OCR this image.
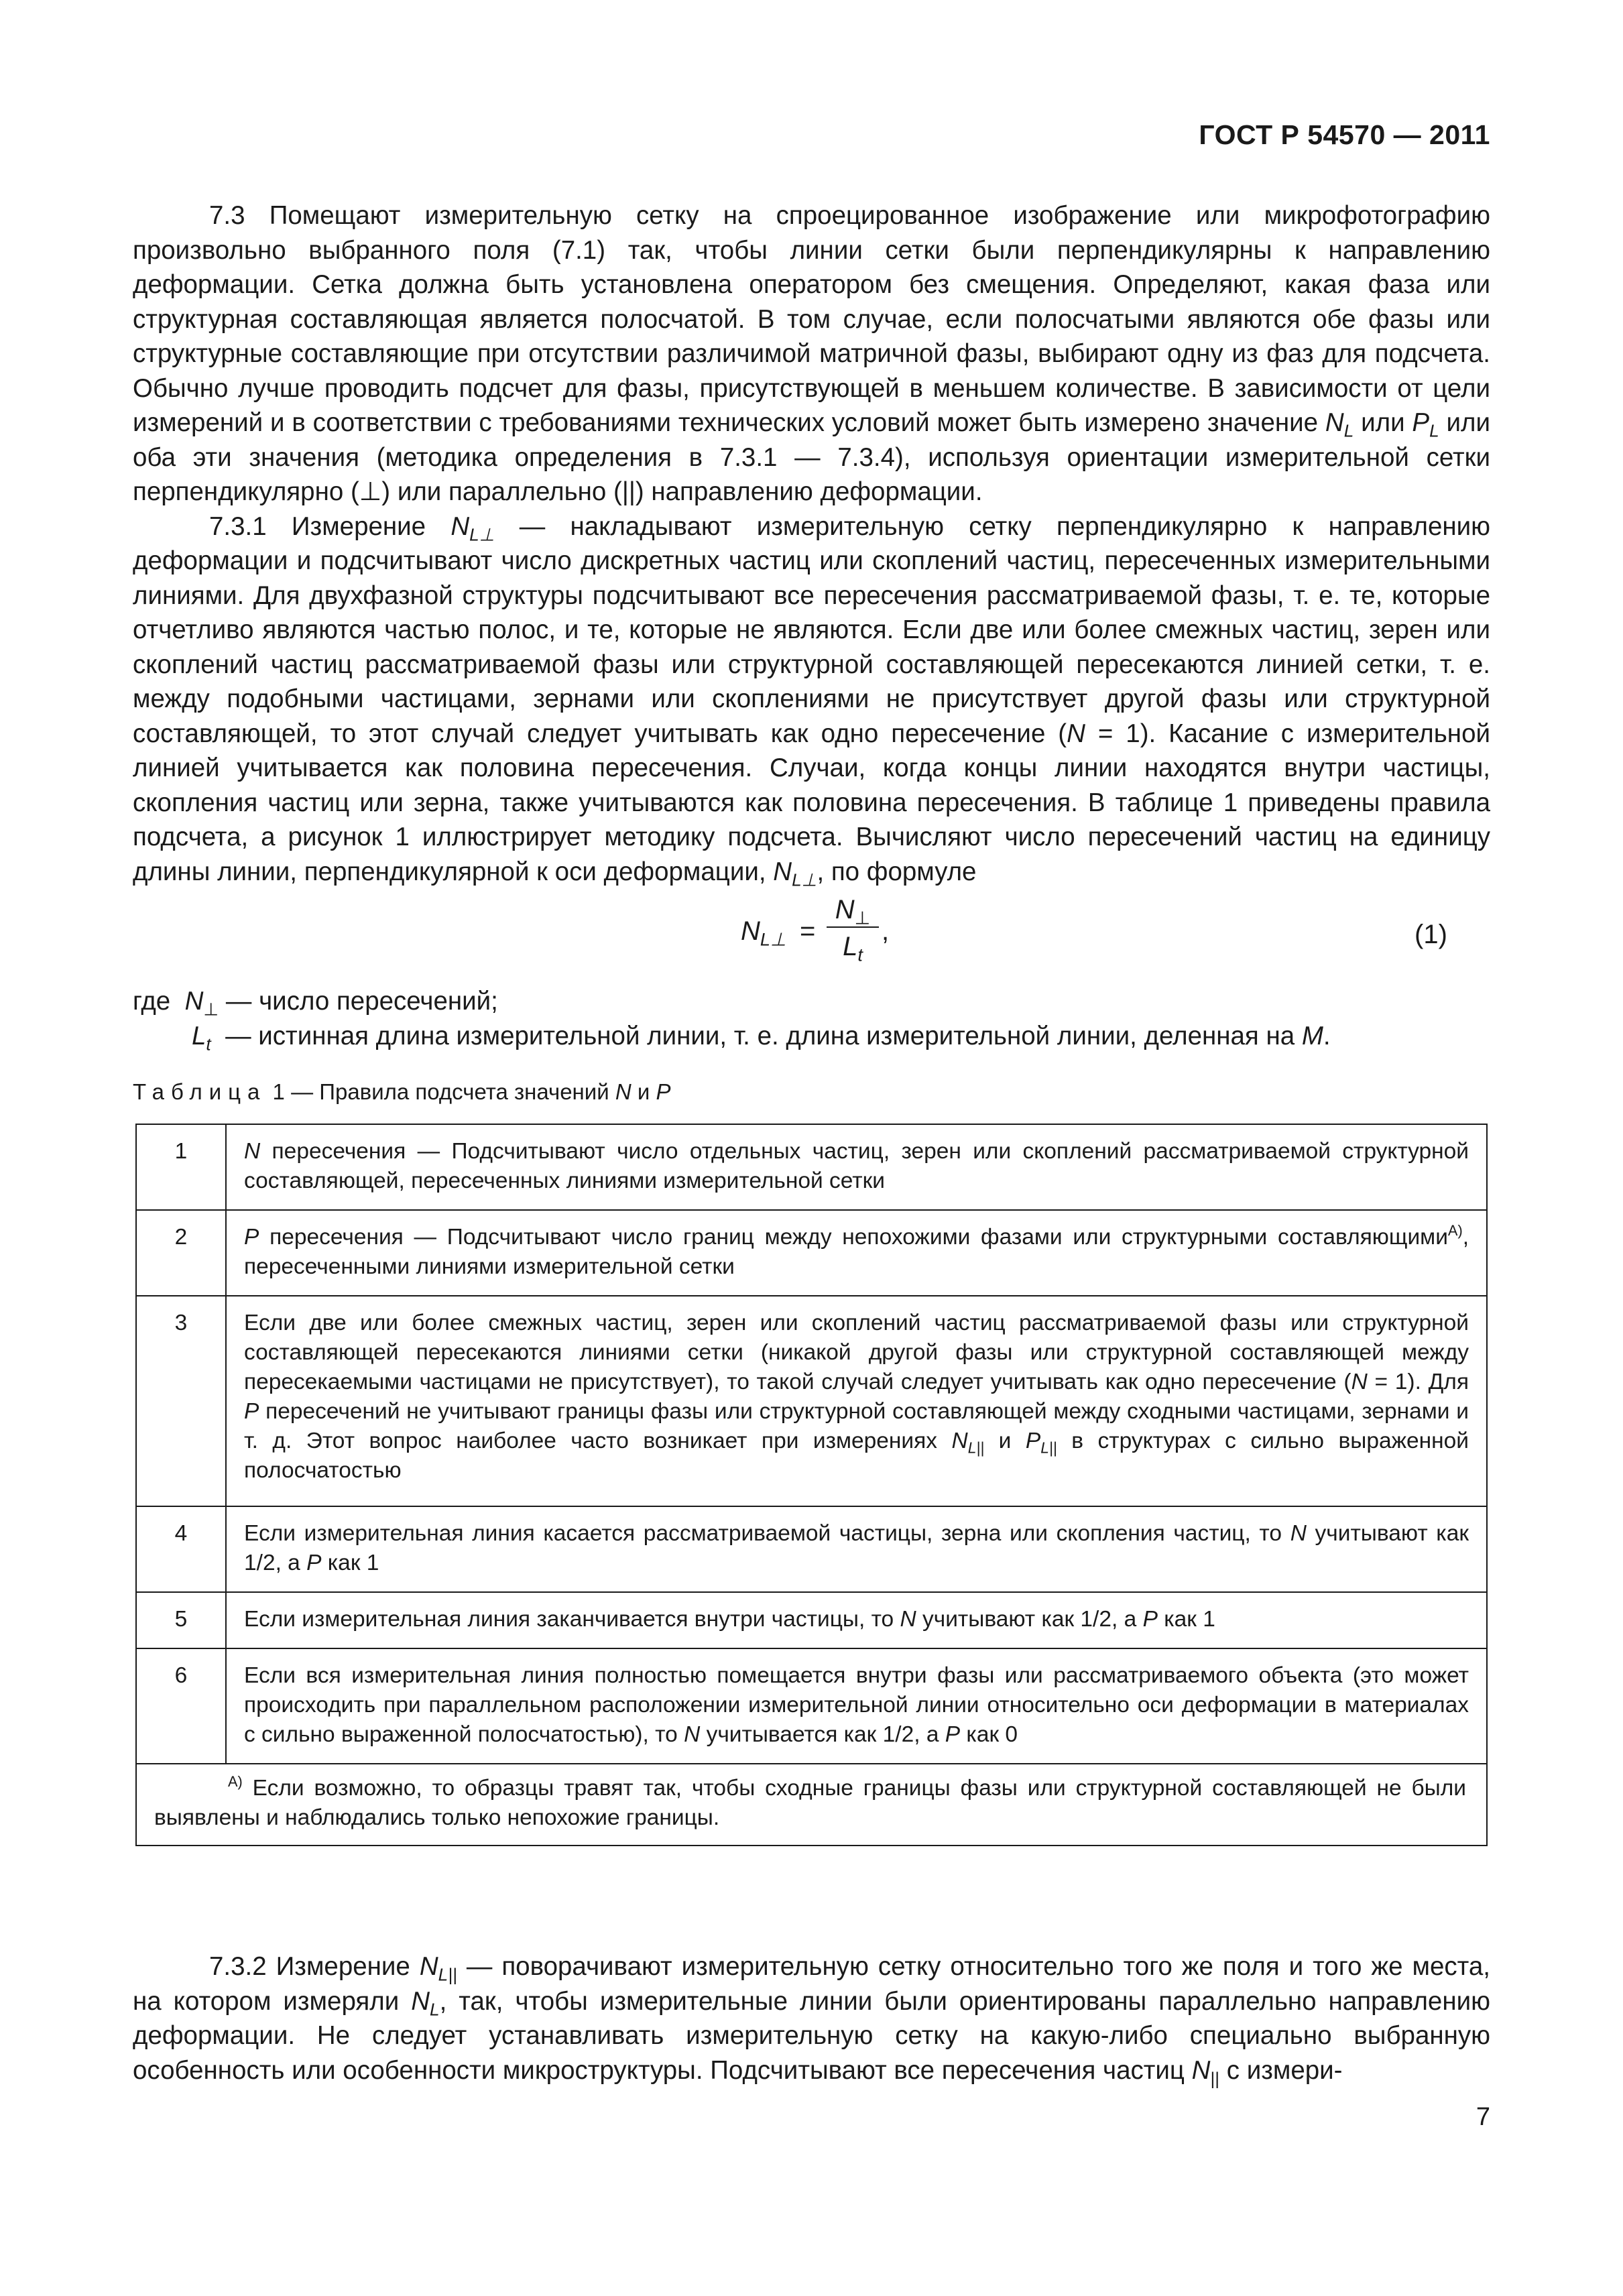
ГОСТ Р 54570 — 2011

7.3 Помещают измерительную сетку на спроецированное изображение или микрофотографию произвольно выбранного поля (7.1) так, чтобы линии сетки были перпендикулярны к направлению деформации. Сетка должна быть установлена оператором без смещения. Определяют, какая фаза или структурная составляющая является полосчатой. В том случае, если полосчатыми являются обе фазы или структурные составляющие при отсутствии различимой матричной фазы, выбирают одну из фаз для подсчета. Обычно лучше проводить подсчет для фазы, присутствующей в меньшем количестве. В зависимости от цели измерений и в соответствии с требованиями технических условий может быть измерено значение $N_L$ или $P_L$ или оба эти значения (методика определения в 7.3.1 — 7.3.4), используя ориентации измерительной сетки перпендикулярно (⊥) или параллельно (||) направлению деформации.

7.3.1 Измерение $N_{L\perp}$ — накладывают измерительную сетку перпендикулярно к направлению деформации и подсчитывают число дискретных частиц или скоплений частиц, пересеченных измерительными линиями. Для двухфазной структуры подсчитывают все пересечения рассматриваемой фазы, т. е. те, которые отчетливо являются частью полос, и те, которые не являются. Если две или более смежных частиц, зерен или скоплений частиц рассматриваемой фазы или структурной составляющей пересекаются линией сетки, т. е. между подобными частицами, зернами или скоплениями не присутствует другой фазы или структурной составляющей, то этот случай следует учитывать как одно пересечение (N = 1). Касание с измерительной линией учитывается как половина пересечения. Случаи, когда концы линии находятся внутри частицы, скопления частиц или зерна, также учитываются как половина пересечения. В таблице 1 приведены правила подсчета, а рисунок 1 иллюстрирует методику подсчета. Вычисляют число пересечений частиц на единицу длины линии, перпендикулярной к оси деформации, $N_{L\perp}$, по формуле

$N_{L\perp}$ =
$N_\perp$
$L_t$
,	(1)
где $N_\perp$ — число пересечений;
$L_t$  — истинная длина измерительной линии, т. е. длина измерительной линии, деленная на M.
Таблица 1 — Правила подсчета значений N и P
1	N пересечения — Подсчитывают число отдельных частиц, зерен или скоплений рассматриваемой структурной составляющей, пересеченных линиями измерительной сетки
2	P пересечения — Подсчитывают число границ между непохожими фазами или структурными составляющими$^{А)}$, пересеченными линиями измерительной сетки
3	Если две или более смежных частиц, зерен или скоплений частиц рассматриваемой фазы или структурной составляющей пересекаются линиями сетки (никакой другой фазы или структурной составляющей между пересекаемыми частицами не присутствует), то такой случай следует учитывать как одно пересечение (N = 1). Для P пересечений не учитывают границы фазы или структурной составляющей между сходными частицами, зернами и т. д. Этот вопрос наиболее часто возникает при измерениях $N_{L||}$ и $P_{L||}$ в структурах с сильно выраженной полосчатостью
4	Если измерительная линия касается рассматриваемой частицы, зерна или скопления частиц, то N учитывают как 1/2, а P как 1
5	Если измерительная линия заканчивается внутри частицы, то N учитывают как 1/2, а P как 1
6	Если вся измерительная линия полностью помещается внутри фазы или рассматриваемого объекта (это может происходить при параллельном расположении измерительной линии относительно оси деформации в материалах с сильно выраженной полосчатостью), то N учитывается как 1/2, а P как 0
$^{А)}$ Если возможно, то образцы травят так, чтобы сходные границы фазы или структурной составляющей не были выявлены и наблюдались только непохожие границы.	

7.3.2 Измерение $N_{L||}$ — поворачивают измерительную сетку относительно того же поля и того же места, на котором измеряли $N_L$, так, чтобы измерительные линии были ориентированы параллельно направлению деформации. Не следует устанавливать измерительную сетку на какую-либо специально выбранную особенность или особенности микроструктуры. Подсчитывают все пересечения частиц $N_{||}$ с измери-

7
